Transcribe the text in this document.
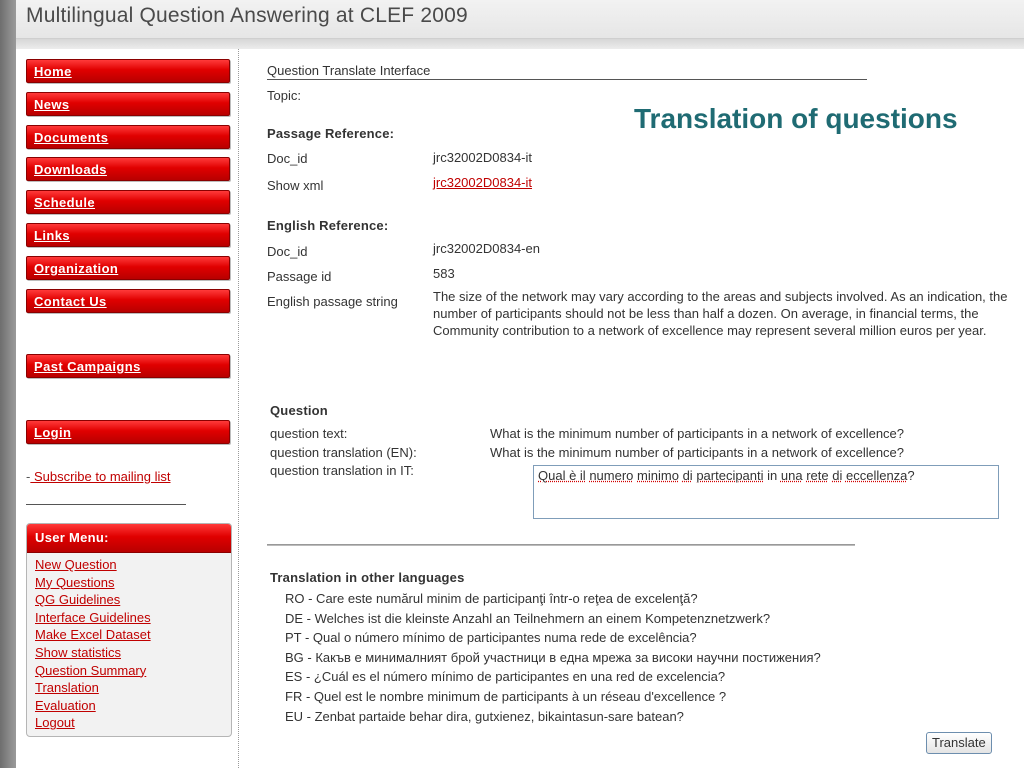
Multilingual Question Answering at CLEF 2009
Home
News
Documents
Downloads
Schedule
Links
Organization
Contact Us
Past Campaigns
Login
- Subscribe to mailing list
User Menu:
New Question
My Questions
QG Guidelines
Interface Guidelines
Make Excel Dataset
Show statistics
Question Summary
Translation
Evaluation
Logout
Question Translate Interface
Topic:
Translation of questions
Passage Reference:
Doc_id	jrc32002D0834-it
Show xml	jrc32002D0834-it
English Reference:
Doc_id	jrc32002D0834-en
Passage id	583
English passage string	The size of the network may vary according to the areas and subjects involved. As an indication, the number of participants should not be less than half a dozen. On average, in financial terms, the Community contribution to a network of excellence may represent several million euros per year.
Question
question text:	What is the minimum number of participants in a network of excellence?
question translation (EN):	What is the minimum number of participants in a network of excellence?
question translation in IT:	Qual è il numero minimo di partecipanti in una rete di eccellenza?
Translation in other languages
RO - Care este numărul minim de participanţi într-o reţea de excelenţă?
DE - Welches ist die kleinste Anzahl an Teilnehmern an einem Kompetenznetzwerk?
PT - Qual o número mínimo de participantes numa rede de excelência?
BG - Какъв е минималният брой участници в една мрежа за високи научни постижения?
ES - ¿Cuál es el número mínimo de participantes en una red de excelencia?
FR - Quel est le nombre minimum de participants à un réseau d'excellence ?
EU - Zenbat partaide behar dira, gutxienez, bikaintasun-sare batean?
Translate
